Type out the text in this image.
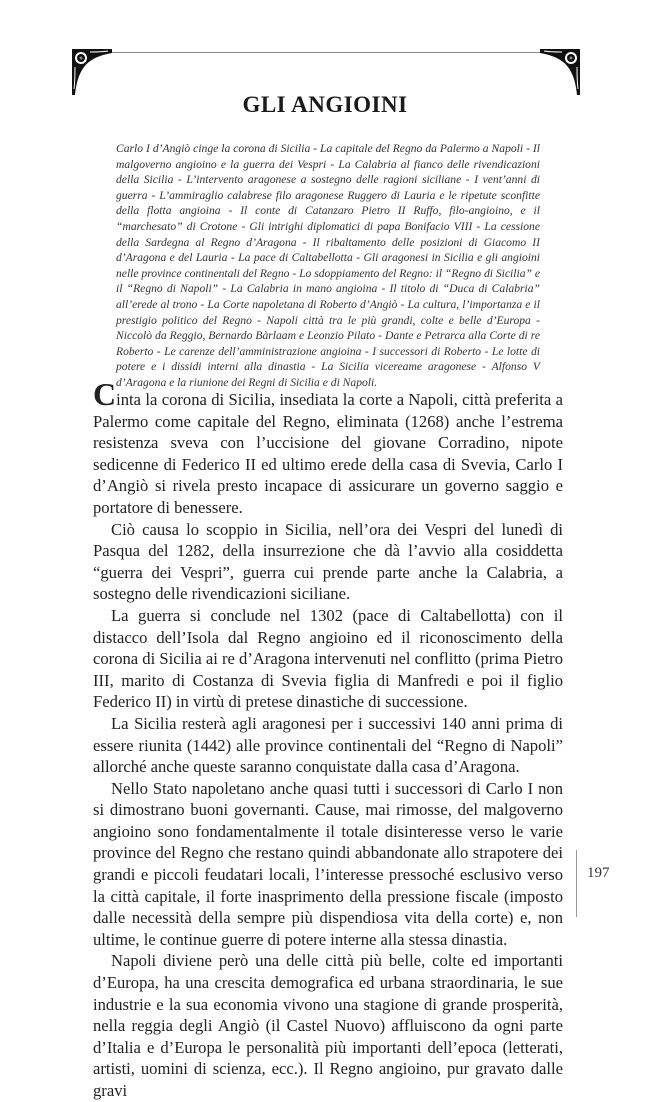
GLI ANGIOINI
Carlo I d’Angiò cinge la corona di Sicilia - La capitale del Regno da Palermo a Napoli - Il malgoverno angioino e la guerra dei Vespri - La Calabria al fianco delle rivendicazioni della Sicilia - L’intervento aragonese a sostegno delle ragioni siciliane - I vent’anni di guerra - L’ammiraglio calabrese filo aragonese Ruggero di Lauria e le ripetute sconfitte della flotta angioina - Il conte di Catanzaro Pietro II Ruffo, filo-angioino, e il “marchesato” di Crotone - Gli intrighi diplomatici di papa Bonifacio VIII - La cessione della Sardegna al Regno d’Aragona - Il ribaltamento delle posizioni di Giacomo II d’Aragona e del Lauria - La pace di Caltabellotta - Gli aragonesi in Sicilia e gli angioini nelle province continentali del Regno - Lo sdoppiamento del Regno: il “Regno di Sicilia” e il “Regno di Napoli” - La Calabria in mano angioina - Il titolo di “Duca di Calabria” all’erede al trono - La Corte napoletana di Roberto d’Angiò - La cultura, l’importanza e il prestigio politico del Regno - Napoli città tra le più grandi, colte e belle d’Europa - Niccolò da Reggio, Bernardo Bàrlaam e Leonzio Pilato - Dante e Petrarca alla Corte di re Roberto - Le carenze dell’amministrazione angioina - I successori di Roberto - Le lotte di potere e i dissidi interni alla dinastia - La Sicilia vicereame aragonese - Alfonso V d’Aragona e la riunione dei Regni di Sicilia e di Napoli.

Cinta la corona di Sicilia, insediata la corte a Napoli, città preferita a Palermo come capitale del Regno, eliminata (1268) anche l’estrema resistenza sveva con l’uccisione del giovane Corradino, nipote sedicenne di Federico II ed ultimo erede della casa di Svevia, Carlo I d’Angiò si rivela presto incapace di assicurare un governo saggio e portatore di benessere.

Ciò causa lo scoppio in Sicilia, nell’ora dei Vespri del lunedì di Pasqua del 1282, della insurrezione che dà l’avvio alla cosiddetta “guerra dei Vespri”, guerra cui prende parte anche la Calabria, a sostegno delle rivendicazioni siciliane.

La guerra si conclude nel 1302 (pace di Caltabellotta) con il distacco dell’Isola dal Regno angioino ed il riconoscimento della corona di Sicilia ai re d’Aragona intervenuti nel conflitto (prima Pietro III, marito di Costanza di Svevia figlia di Manfredi e poi il figlio Federico II) in virtù di pretese dinastiche di successione.

La Sicilia resterà agli aragonesi per i successivi 140 anni prima di essere riunita (1442) alle province continentali del “Regno di Napoli” allorché anche queste saranno conquistate dalla casa d’Aragona.

Nello Stato napoletano anche quasi tutti i successori di Carlo I non si dimostrano buoni governanti. Cause, mai rimosse, del malgoverno angioino sono fondamentalmente il totale disinteresse verso le varie province del Regno che restano quindi abbandonate allo strapotere dei grandi e piccoli feudatari locali, l’interesse pressoché esclusivo verso la città capitale, il forte inasprimento della pressione fiscale (imposto dalle necessità della sempre più dispendiosa vita della corte) e, non ultime, le continue guerre di potere interne alla stessa dinastia.

Napoli diviene però una delle città più belle, colte ed importanti d’Europa, ha una crescita demografica ed urbana straordinaria, le sue industrie e la sua economia vivono una stagione di grande prosperità, nella reggia degli Angiò (il Castel Nuovo) affluiscono da ogni parte d’Italia e d’Europa le personalità più importanti dell’epoca (letterati, artisti, uomini di scienza, ecc.). Il Regno angioino, pur gravato dalle gravi

197
